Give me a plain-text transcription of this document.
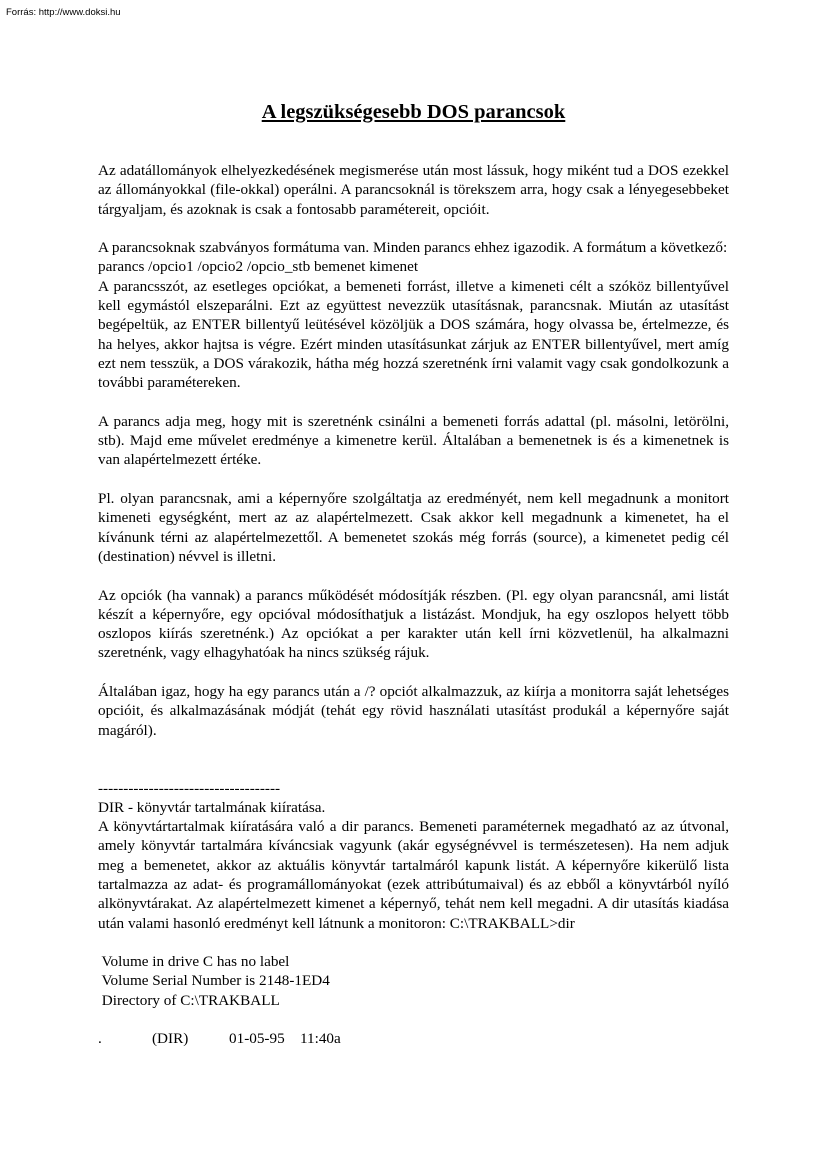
Forrás: http://www.doksi.hu
A legszükségesebb DOS parancsok

Az adatállományok elhelyezkedésének megismerése után most lássuk, hogy miként tud a DOS ezekkel az állományokkal (file-okkal) operálni. A parancsoknál is törekszem arra, hogy csak a lényegesebbeket tárgyaljam, és azoknak is csak a fontosabb paramétereit, opcióit.

A parancsoknak szabványos formátuma van. Minden parancs ehhez igazodik. A formátum a következő: parancs /opcio1 /opcio2 /opcio_stb bemenet kimenet

A parancsszót, az esetleges opciókat, a bemeneti forrást, illetve a kimeneti célt a szóköz billentyűvel kell egymástól elszeparálni. Ezt az együttest nevezzük utasításnak, parancsnak. Miután az utasítást begépeltük, az ENTER billentyű leütésével közöljük a DOS számára, hogy olvassa be, értelmezze, és ha helyes, akkor hajtsa is végre. Ezért minden utasításunkat zárjuk az ENTER billentyűvel, mert amíg ezt nem tesszük, a DOS várakozik, hátha még hozzá szeretnénk írni valamit vagy csak gondolkozunk a további paramétereken.

A parancs adja meg, hogy mit is szeretnénk csinálni a bemeneti forrás adattal (pl. másolni, letörölni, stb). Majd eme művelet eredménye a kimenetre kerül. Általában a bemenetnek is és a kimenetnek is van alapértelmezett értéke.

Pl. olyan parancsnak, ami a képernyőre szolgáltatja az eredményét, nem kell megadnunk a monitort kimeneti egységként, mert az az alapértelmezett. Csak akkor kell megadnunk a kimenetet, ha el kívánunk térni az alapértelmezettől. A bemenetet szokás még forrás (source), a kimenetet pedig cél (destination) névvel is illetni.

Az opciók (ha vannak) a parancs működését módosítják részben. (Pl. egy olyan parancsnál, ami listát készít a képernyőre, egy opcióval módosíthatjuk a listázást. Mondjuk, ha egy oszlopos helyett több oszlopos kiírás szeretnénk.) Az opciókat a per karakter után kell írni közvetlenül, ha alkalmazni szeretnénk, vagy elhagyhatóak ha nincs szükség rájuk.

Általában igaz, hogy ha egy parancs után a /? opciót alkalmazzuk, az kiírja a monitorra saját lehetséges opcióit, és alkalmazásának módját (tehát egy rövid használati utasítást produkál a képernyőre saját magáról).

------------------------------------

DIR - könyvtár tartalmának kiíratása.

A könyvtártartalmak kiíratására való a dir parancs. Bemeneti paraméternek megadható az az útvonal, amely könyvtár tartalmára kíváncsiak vagyunk (akár egységnévvel is természetesen). Ha nem adjuk meg a bemenetet, akkor az aktuális könyvtár tartalmáról kapunk listát. A képernyőre kikerülő lista tartalmazza az adat- és programállományokat (ezek attribútumaival) és az ebből a könyvtárból nyíló alkönyvtárakat. Az alapértelmezett kimenet a képernyő, tehát nem kell megadni. A dir utasítás kiadása után valami hasonló eredményt kell látnunk a monitoron: C:\TRAKBALL>dir

Volume in drive C has no label

Volume Serial Number is 2148-1ED4

Directory of C:\TRAKBALL

.	(DIR)	01-05-95 11:40a
